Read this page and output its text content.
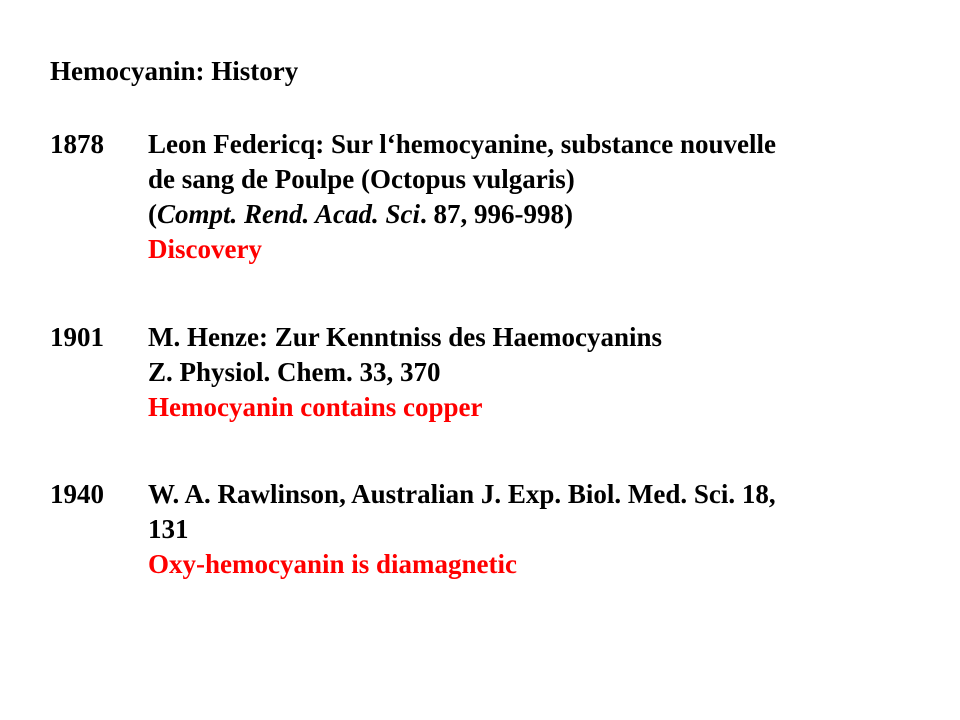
Hemocyanin: History
1878 Leon Federicq: Sur l‘hemocyanine, substance nouvelle
de sang de Poulpe (Octopus vulgaris)
(Compt. Rend. Acad. Sci. 87, 996-998)
Discovery
1901 M. Henze: Zur Kenntniss des Haemocyanins
Z. Physiol. Chem. 33, 370
Hemocyanin contains copper
1940 W. A. Rawlinson, Australian J. Exp. Biol. Med. Sci. 18,
131
Oxy-hemocyanin is diamagnetic
